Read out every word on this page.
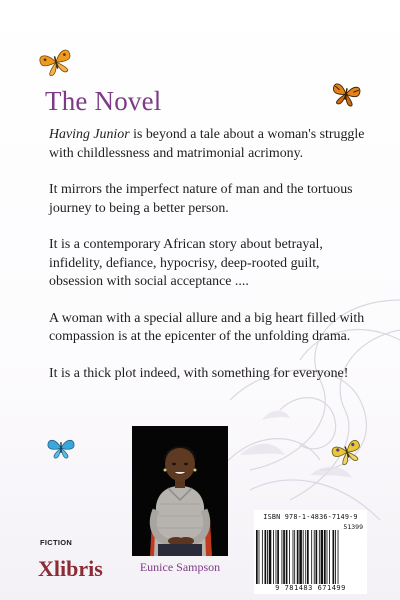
The Novel

Having Junior is beyond a tale about a woman's struggle with childlessness and matrimonial acrimony.

It mirrors the imperfect nature of man and the tortuous journey to being a better person.

It is a contemporary African story about betrayal, infidelity, defiance, hypocrisy, deep-rooted guilt, obsession with social acceptance ....

A woman with a special allure and a big heart filled with compassion is at the epicenter of the unfolding drama.

It is a thick plot indeed, with something for everyone!

Eunice Sampson
FICTION
Xlibris
ISBN 978-1-4836-7149-9
51399
9 781483 671499
